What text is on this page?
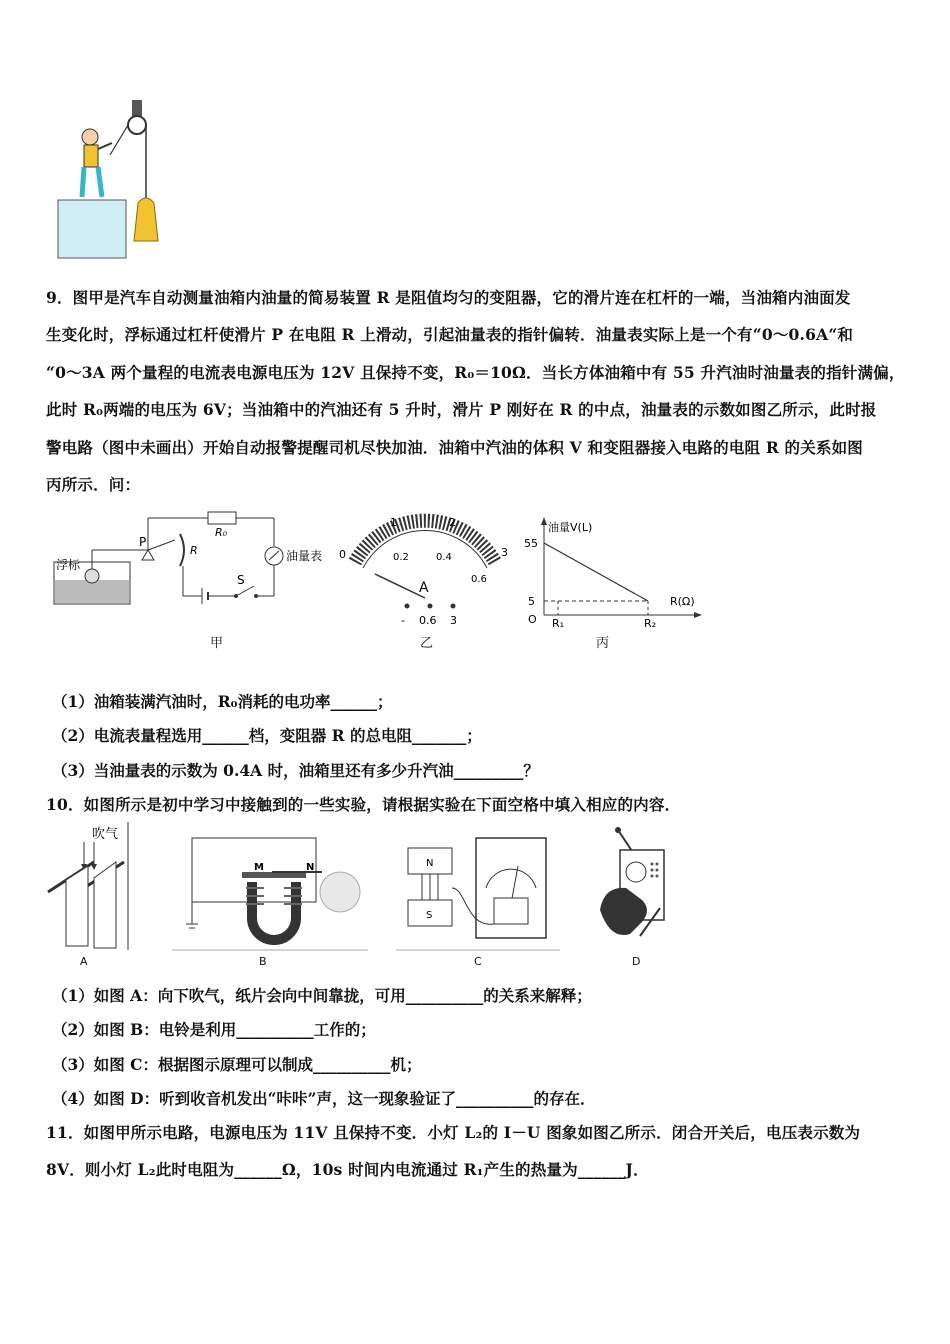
9．图甲是汽车自动测量油箱内油量的简易装置 R 是阻值均匀的变阻器，它的滑片连在杠杆的一端，当油箱内油面发
生变化时，浮标通过杠杆使滑片 P 在电阻 R 上滑动，引起油量表的指针偏转．油量表实际上是一个有“0～0.6A“和
“0～3A 两个量程的电流表电源电压为 12V 且保持不变，R₀＝10Ω．当长方体油箱中有 55 升汽油时油量表的指针满偏，
此时 R₀两端的电压为 6V；当油箱中的汽油还有 5 升时，滑片 P 刚好在 R 的中点，油量表的示数如图乙所示，此时报
警电路（图中未画出）开始自动报警提醒司机尽快加油．油箱中汽油的体积 V 和变阻器接入电路的电阻 R 的关系如图
丙所示．问：
浮标
P
R₀
R	油量表
S
甲
0
1	2
3
0.2	0.4
0.6
A
- 0.6 3
乙
油量V(L)
55
5
O
R(Ω)
R₁	R₂
丙
（1）油箱装满汽油时，R₀消耗的电功率______；
（2）电流表量程选用______档，变阻器 R 的总电阻_______；
（3）当油量表的示数为 0.4A 时，油箱里还有多少升汽油_________？
10．如图所示是初中学习中接触到的一些实验，请根据实验在下面空格中填入相应的内容．
吹气
A
M	N
B
N
S
C	D
（1）如图 A：向下吹气，纸片会向中间靠拢，可用__________的关系来解释；
（2）如图 B：电铃是利用__________工作的；
（3）如图 C：根据图示原理可以制成__________机；
（4）如图 D：听到收音机发出“咔咔”声，这一现象验证了__________的存在．
11．如图甲所示电路，电源电压为 11V 且保持不变．小灯 L₂的 I－U 图象如图乙所示．闭合开关后，电压表示数为
8V．则小灯 L₂此时电阻为______Ω，10s 时间内电流通过 R₁产生的热量为______J．
